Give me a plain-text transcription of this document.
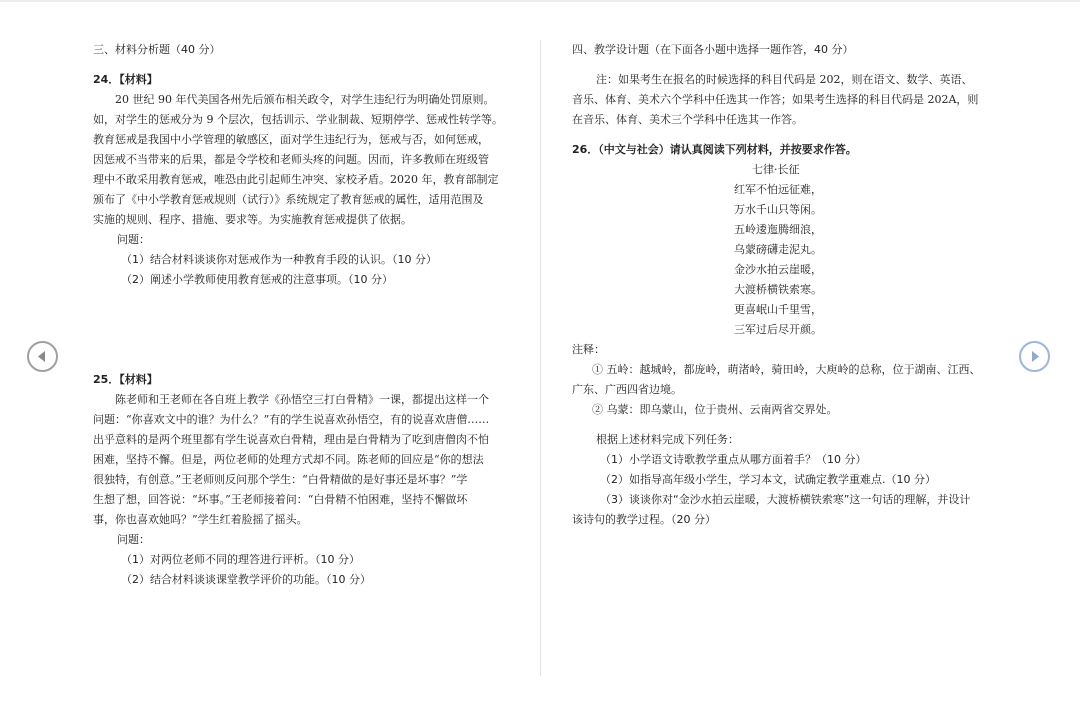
三、材料分析题（40 分）
24．【材料】
20 世纪 90 年代美国各州先后颁布相关政令，对学生违纪行为明确处罚原则。
如，对学生的惩戒分为 9 个层次，包括训示、学业制裁、短期停学、惩戒性转学等。
教育惩戒是我国中小学管理的敏感区，面对学生违纪行为，惩戒与否，如何惩戒，
因惩戒不当带来的后果，都是令学校和老师头疼的问题。因而，许多教师在班级管
理中不敢采用教育惩戒，唯恐由此引起师生冲突、家校矛盾。2020 年，教育部制定
颁布了《中小学教育惩戒规则（试行）》系统规定了教育惩戒的属性，适用范围及
实施的规则、程序、措施、要求等。为实施教育惩戒提供了依据。
问题：
（1）结合材料谈谈你对惩戒作为一种教育手段的认识。（10 分）
（2）阐述小学教师使用教育惩戒的注意事项。（10 分）
25．【材料】
陈老师和王老师在各自班上教学《孙悟空三打白骨精》一课，都提出这样一个
问题：“你喜欢文中的谁？为什么？”有的学生说喜欢孙悟空，有的说喜欢唐僧……
出乎意料的是两个班里都有学生说喜欢白骨精，理由是白骨精为了吃到唐僧肉不怕
困难，坚持不懈。但是，两位老师的处理方式却不同。陈老师的回应是“你的想法
很独特，有创意。”王老师则反问那个学生：“白骨精做的是好事还是坏事？”学
生想了想，回答说：“坏事。”王老师接着问：“白骨精不怕困难，坚持不懈做坏
事，你也喜欢她吗？”学生红着脸摇了摇头。
问题：
（1）对两位老师不同的理答进行评析。（10 分）
（2）结合材料谈谈课堂教学评价的功能。（10 分）
四、教学设计题（在下面各小题中选择一题作答，40 分）
注：如果考生在报名的时候选择的科目代码是 202，则在语文、数学、英语、
音乐、体育、美术六个学科中任选其一作答；如果考生选择的科目代码是 202A，则
在音乐、体育、美术三个学科中任选其一作答。
26．（中文与社会）请认真阅读下列材料，并按要求作答。
七律·长征
红军不怕远征难，
万水千山只等闲。
五岭逶迤腾细浪，
乌蒙磅礴走泥丸。
金沙水拍云崖暖，
大渡桥横铁索寒。
更喜岷山千里雪，
三军过后尽开颜。
注释：
① 五岭：越城岭，都庞岭，萌渚岭，骑田岭，大庾岭的总称，位于湖南、江西、
广东、广西四省边境。
② 乌蒙：即乌蒙山，位于贵州、云南两省交界处。
根据上述材料完成下列任务：
（1）小学语文诗歌教学重点从哪方面着手？（10 分）
（2）如指导高年级小学生，学习本文，试确定教学重难点.（10 分）
（3）谈谈你对“金沙水拍云崖暖，大渡桥横铁索寒”这一句话的理解，并设计
该诗句的教学过程。（20 分）
